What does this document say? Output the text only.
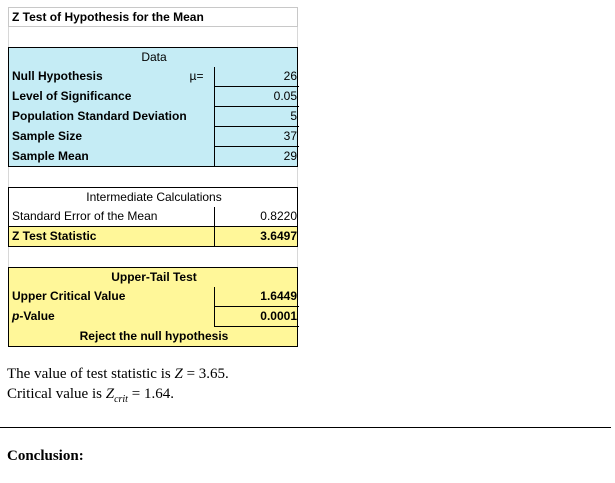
Z Test of Hypothesis for the Mean
Data
Null Hypothesis	µ=	26
Level of Significance	0.05
Population Standard Deviation	5
Sample Size	37
Sample Mean	29
Intermediate Calculations
Standard Error of the Mean	0.8220
Z Test Statistic	3.6497
Upper-Tail Test
Upper Critical Value	1.6449
p-Value	0.0001
Reject the null hypothesis
The value of test statistic is Z = 3.65.
Critical value is $Z_{crit} = 1.64$.
Conclusion:
